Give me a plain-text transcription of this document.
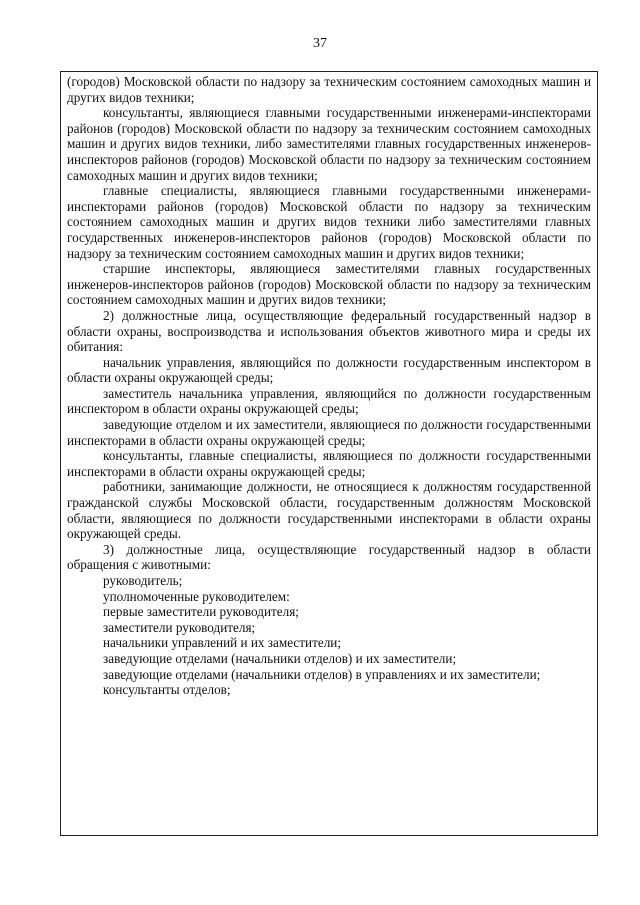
37

(городов) Московской области по надзору за техническим состоянием самоходных машин и других видов техники;

консультанты, являющиеся главными государственными инженерами-инспекторами районов (городов) Московской области по надзору за техническим состоянием самоходных машин и других видов техники, либо заместителями главных государственных инженеров-инспекторов районов (городов) Московской области по надзору за техническим состоянием самоходных машин и других видов техники;

главные специалисты, являющиеся главными государственными инженерами-инспекторами районов (городов) Московской области по надзору за техническим состоянием самоходных машин и других видов техники либо заместителями главных государственных инженеров-инспекторов районов (городов) Московской области по надзору за техническим состоянием самоходных машин и других видов техники;

старшие инспекторы, являющиеся заместителями главных государственных инженеров-инспекторов районов (городов) Московской области по надзору за техническим состоянием самоходных машин и других видов техники;

2) должностные лица, осуществляющие федеральный государственный надзор в области охраны, воспроизводства и использования объектов животного мира и среды их обитания:

начальник управления, являющийся по должности государственным инспектором в области охраны окружающей среды;

заместитель начальника управления, являющийся по должности государственным инспектором в области охраны окружающей среды;

заведующие отделом и их заместители, являющиеся по должности государственными инспекторами в области охраны окружающей среды;

консультанты, главные специалисты, являющиеся по должности государственными инспекторами в области охраны окружающей среды;

работники, занимающие должности, не относящиеся к должностям государственной гражданской службы Московской области, государственным должностям Московской области, являющиеся по должности государственными инспекторами в области охраны окружающей среды.

3) должностные лица, осуществляющие государственный надзор в области обращения с животными:

руководитель;

уполномоченные руководителем:

первые заместители руководителя;

заместители руководителя;

начальники управлений и их заместители;

заведующие отделами (начальники отделов) и их заместители;

заведующие отделами (начальники отделов) в управлениях и их заместители;

консультанты отделов;
